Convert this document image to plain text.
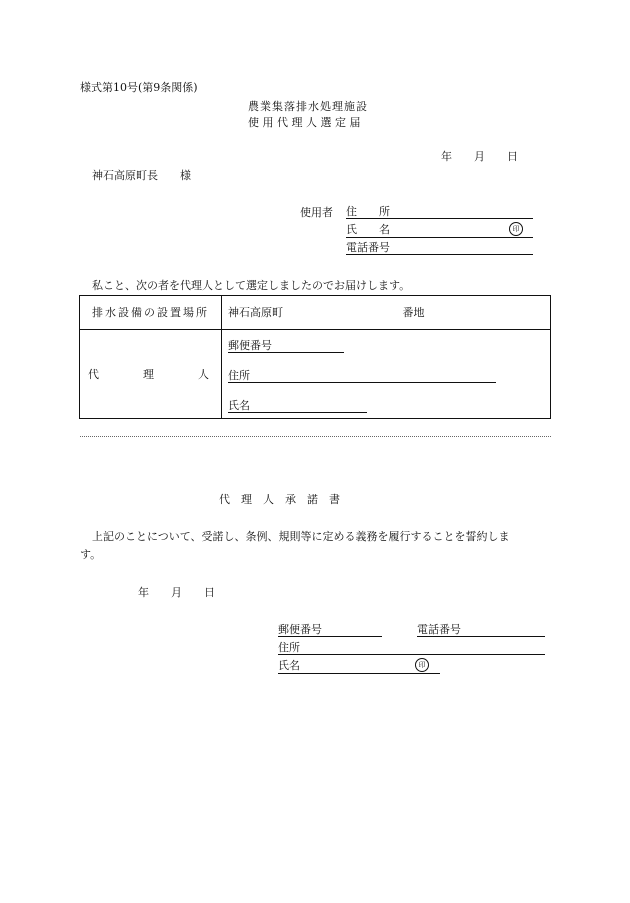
様式第10号(第9条関係)
農業集落排水処理施設
使 用 代 理 人 選 定 届
年　　月　　日
神石高原町長　　様
使用者 住　　所
氏　　名	印
電話番号
私こと、次の者を代理人として選定しましたのでお届けします。
排水設備の設置場所	神石高原町 番地
代　　　　理　　　　人	郵便番号
住所
氏名
代　理　人　承　諾　書
上記のことについて、受諾し、条例、規則等に定める義務を履行することを誓約しま
す。
年　　月　　日
郵便番号	電話番号
住所
氏名	印
